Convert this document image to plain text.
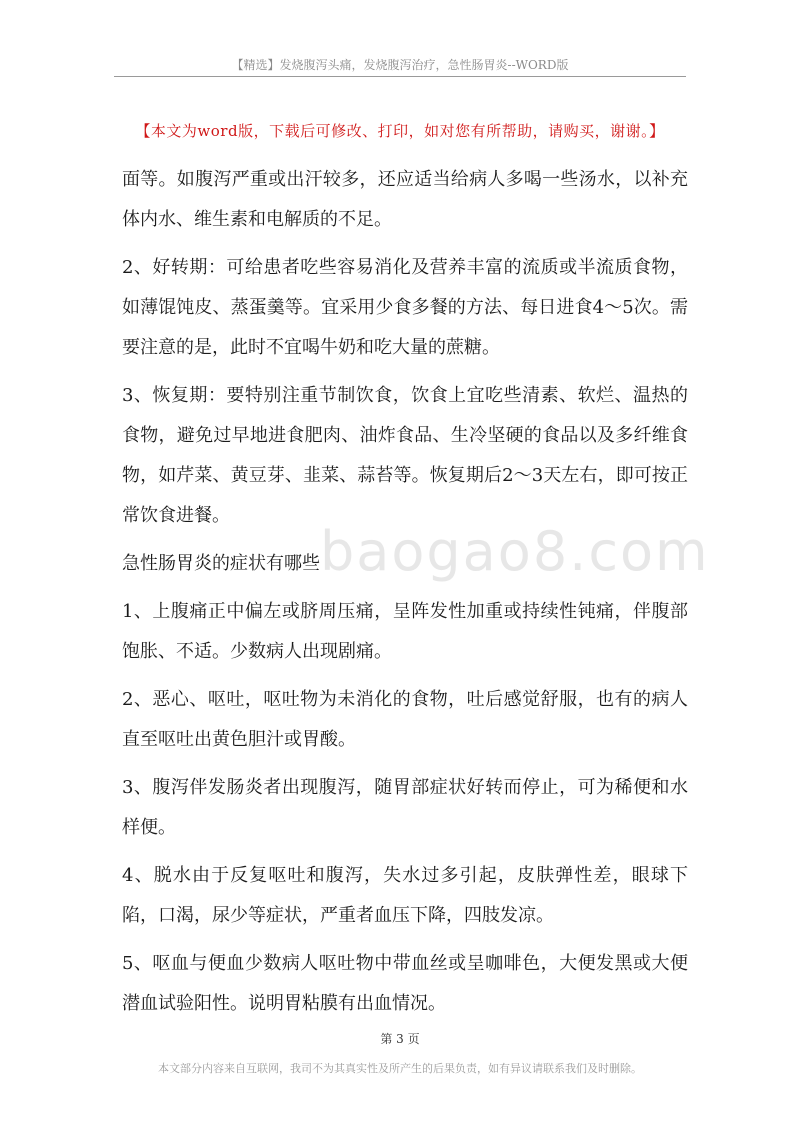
【精选】发烧腹泻头痛，发烧腹泻治疗，急性肠胃炎--WORD版
【本文为word版，下载后可修改、打印，如对您有所帮助，请购买，谢谢。】
baogao8.com

面等。如腹泻严重或出汗较多，还应适当给病人多喝一些汤水，以补充体内水、维生素和电解质的不足。

2、好转期：可给患者吃些容易消化及营养丰富的流质或半流质食物，如薄馄饨皮、蒸蛋羹等。宜采用少食多餐的方法、每日进食4～5次。需要注意的是，此时不宜喝牛奶和吃大量的蔗糖。

3、恢复期：要特别注重节制饮食，饮食上宜吃些清素、软烂、温热的食物，避免过早地进食肥肉、油炸食品、生冷坚硬的食品以及多纤维食物，如芹菜、黄豆芽、韭菜、蒜苔等。恢复期后2～3天左右，即可按正常饮食进餐。

急性肠胃炎的症状有哪些

1、上腹痛正中偏左或脐周压痛，呈阵发性加重或持续性钝痛，伴腹部饱胀、不适。少数病人出现剧痛。

2、恶心、呕吐，呕吐物为未消化的食物，吐后感觉舒服，也有的病人直至呕吐出黄色胆汁或胃酸。

3、腹泻伴发肠炎者出现腹泻，随胃部症状好转而停止，可为稀便和水样便。

4、脱水由于反复呕吐和腹泻，失水过多引起，皮肤弹性差，眼球下陷，口渴，尿少等症状，严重者血压下降，四肢发凉。

5、呕血与便血少数病人呕吐物中带血丝或呈咖啡色，大便发黑或大便潜血试验阳性。说明胃粘膜有出血情况。

第 3 页
本文部分内容来自互联网，我司不为其真实性及所产生的后果负责，如有异议请联系我们及时删除。
